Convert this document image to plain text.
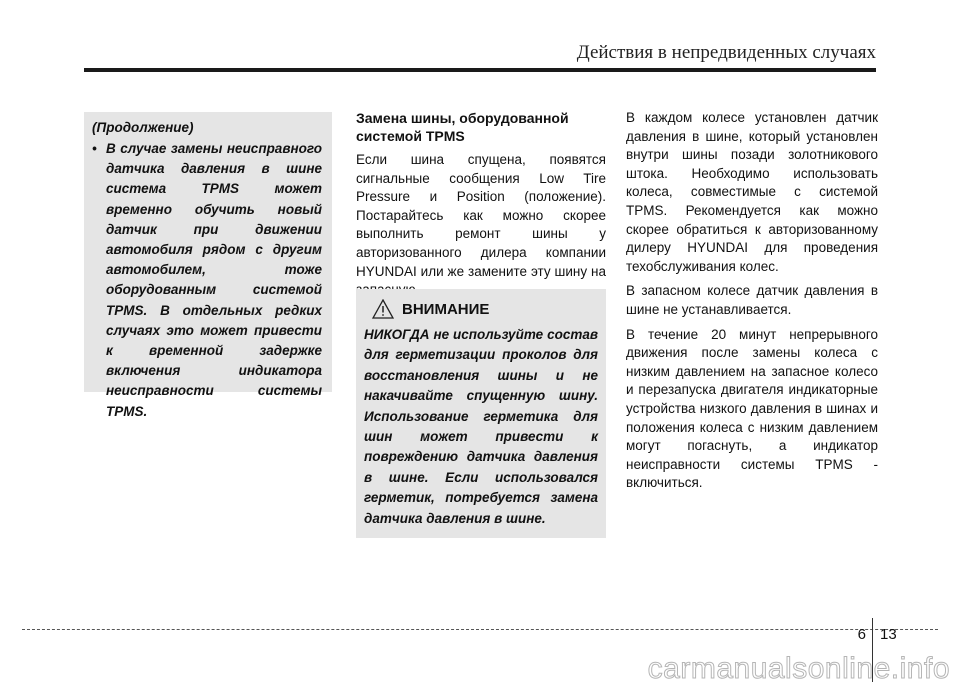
Действия в непредвиденных случаях
(Продолжение)
• В случае замены неисправного датчика давления в шине система TPMS может временно обучить новый датчик при движении автомобиля рядом с другим автомобилем, тоже оборудованным системой TPMS. В отдельных редких случаях это может привести к временной задержке включения индикатора неисправности системы TPMS.
Замена шины, оборудованной системой TPMS

Если шина спущена, появятся сигнальные сообщения Low Tire Pressure и Position (положение). Постарайтесь как можно скорее выполнить ремонт шины у авторизованного дилера компании HYUNDAI или же замените эту шину на

ВНИМАНИЕ

НИКОГДА не используйте состав для герметизации проколов для восстановления шины и не накачивайте спущенную шину. Использование герметика для шин может привести к повреждению датчика давления в шине. Если использовался герметик, потребуется замена датчика давления в шине.

В каждом колесе установлен датчик давления в шине, который установлен внутри шины позади золотникового штока. Необходимо использовать колеса, совместимые с системой TPMS. Рекомендуется как можно скорее обратиться к авторизованному дилеру HYUNDAI для проведения техобслуживания колес.

В запасном колесе датчик давления в шине не устанавливается.

В течение 20 минут непрерывного движения после замены колеса с низким давлением на запасное колесо и перезапуска двигателя индикаторные устройства низкого давления в шинах и положения колеса с низким давлением могут погаснуть, а индикатор неисправности системы TPMS - включиться.

6 13
carmanualsonline.info
